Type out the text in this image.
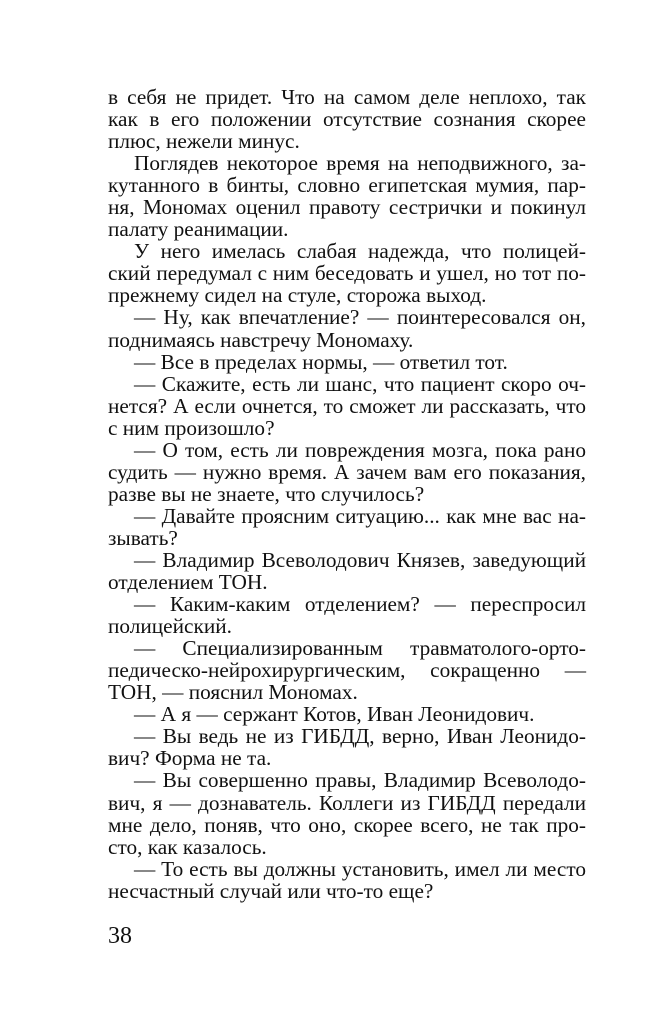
в себя не придет. Что на самом деле неплохо, так
как в его положении отсутствие сознания скорее
плюс, нежели минус.
Поглядев некоторое время на неподвижного, за-
кутанного в бинты, словно египетская мумия, пар-
ня, Мономах оценил правоту сестрички и покинул
палату реанимации.
У него имелась слабая надежда, что полицей-
ский передумал с ним беседовать и ушел, но тот по-
прежнему сидел на стуле, сторожа выход.
— Ну, как впечатление? — поинтересовался он,
поднимаясь навстречу Мономаху.
— Все в пределах нормы, — ответил тот.
— Скажите, есть ли шанс, что пациент скоро оч-
нется? А если очнется, то сможет ли рассказать, что
с ним произошло?
— О том, есть ли повреждения мозга, пока рано
судить — нужно время. А зачем вам его показания,
разве вы не знаете, что случилось?
— Давайте проясним ситуацию... как мне вас на-
зывать?
— Владимир Всеволодович Князев, заведующий
отделением ТОН.
— Каким-каким отделением? — переспросил
полицейский.
— Специализированным травматолого-орто-
педическо-нейрохирургическим, сокращенно —
ТОН, — пояснил Мономах.
— А я — сержант Котов, Иван Леонидович.
— Вы ведь не из ГИБДД, верно, Иван Леонидо-
вич? Форма не та.
— Вы совершенно правы, Владимир Всеволодо-
вич, я — дознаватель. Коллеги из ГИБДД передали
мне дело, поняв, что оно, скорее всего, не так про-
сто, как казалось.
— То есть вы должны установить, имел ли место
несчастный случай или что-то еще?
38
